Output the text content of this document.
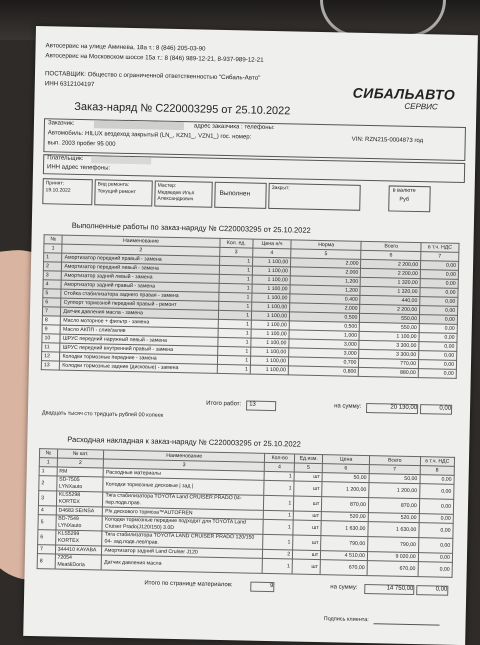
Автосервис на улице Аминева, 18а т.: 8 (846) 205-03-90
Автосервис на Московском шоссе 15а т.: 8 (846) 989-12-21, 8-937-989-12-21
ПОСТАВЩИК: Общество с ограниченной ответственностью "Сибаль-Авто"
ИНН 6312104197
СИБАЛЬАВТО
СЕРВИС
Заказ-наряд № С220003295 от 25.10.2022
Заказчик:	адрес заказчика : телефоны:
Автомобиль: HILUX вездеход закрытый (LN_, KZN1_, VZN1_) гос. номер:	VIN: RZN215-0004873 год
вып. 2003 пробег 95 000
Плательщик:
ИНН адрес телефоны:
Принят:
19.10.2022
Вид ремонта:
Текущий ремонт
Мастер:
Медведев Илья Александрович
Выполнен
Закрыт:	в валюте
Руб
Выполненные работы по заказ-наряду № С220003295 от 25.10.2022
№	Наименование	Кол. ед.	Цена н/ч	Норма	Всего	в т.ч. НДС
1	2	3	4	5	6	7
1	Амортизатор передний правый - замена	1	1 100,00	2,000	2 200,00	0,00
2	Амортизатор передний левый - замена	1	1 100,00	2,000	2 200,00	0,00
3	Амортизатор задний левый - замена	1	1 100,00	1,200	1 320,00	0,00
4	Амортизатор задний правый - замена	1	1 100,00	1,200	1 320,00	0,00
5	Стойка стабилизатора заднего правая - замена	1	1 100,00	0,400	440,00	0,00
6	Суппорт тормозной передний правый - ремонт	1	1 100,00	2,000	2 200,00	0,00
7	Датчик давления масла - замена	1	1 100,00	0,500	550,00	0,00
8	Масло моторное + фильтр - замена	1	1 100,00	0,500	550,00	0,00
9	Масло АКПП - слив/залив	1	1 100,00	1,000	1 100,00	0,00
10	ШРУС передний наружный левый - замена	1	1 100,00	3,000	3 300,00	0,00
11	ШРУС передний внутренний правый - замена	1	1 100,00	3,000	3 300,00	0,00
12	Колодки тормозные передние - замена	1	1 100,00	0,700	770,00	0,00
13	Колодки тормозные задние (дисковые) - замена	1	1 100,00	0,800	880,00	0,00
Итого работ:	13	на сумму:	20 130,00	0,00
Двадцать тысяч сто тридцать рублей 00 копеек
Расходная накладная к заказ-наряду № С220003295 от 25.10.2022
№	№ кат.	Наименование	Кол-во	Ед.изм.	Цена	Всего	в т.ч. НДС
1	2	3	4	5	6	7	8
1	RM	Расходные материалы	1	шт	50,00	50,00	0,00
2	SD-7505 LYNXauto	Колодки тормозные дисковые | зад |	1	шт	1 200,00	1 200,00	0,00
3	KLS5298 KORTEX	Тяга стабилизатора TOYOTA Land CRUISER PRADO 04- пер.подв.прав.	1	шт	870,00	870,00	0,00
4	D4683 SEINSA	Р/к дискового тормоза™AUTOFREN	1	шт	520,00	520,00	0,00
5	BD-7549 LYNXauto	Колодки тормозные передние подходят для TOYOTA Land Cruiser Prado(J120/150) 3.0D	1	шт	1 630,00	1 630,00	0,00
6	KLS5299 KORTEX	Тяга стабилизатора TOYOTA LAND CRUISER PRADO 120/150 04- зад.подв.лев/прав.	1	шт	790,00	790,00	0,00
7	344410 KAYABA	Амортизатор задний Land Cruiser J120	2	шт	4 510,00	9 020,00	0,00
8	72054 Meat&Doria	Датчик давления масла	1	шт	670,00	670,00	0,00
Итого по странице материалов:	9	на сумму:	14 750,00	0,00
Подпись клиента:
